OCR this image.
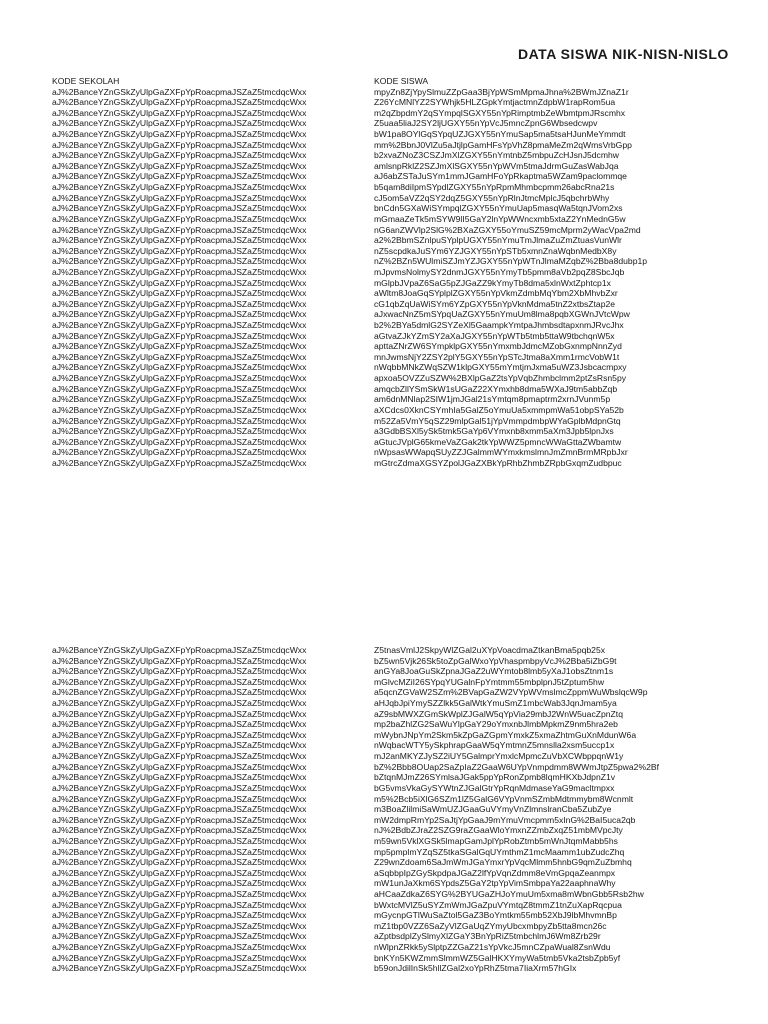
DATA SISWA NIK-NISN-NISLO
KODE SEKOLAH
aJ%2BanceYZnGSkZyUlpGaZXFpYpRoacpmaJSZaZ5tmcdqcWxx
aJ%2BanceYZnGSkZyUlpGaZXFpYpRoacpmaJSZaZ5tmcdqcWxx
aJ%2BanceYZnGSkZyUlpGaZXFpYpRoacpmaJSZaZ5tmcdqcWxx
aJ%2BanceYZnGSkZyUlpGaZXFpYpRoacpmaJSZaZ5tmcdqcWxx
aJ%2BanceYZnGSkZyUlpGaZXFpYpRoacpmaJSZaZ5tmcdqcWxx
aJ%2BanceYZnGSkZyUlpGaZXFpYpRoacpmaJSZaZ5tmcdqcWxx
aJ%2BanceYZnGSkZyUlpGaZXFpYpRoacpmaJSZaZ5tmcdqcWxx
aJ%2BanceYZnGSkZyUlpGaZXFpYpRoacpmaJSZaZ5tmcdqcWxx
aJ%2BanceYZnGSkZyUlpGaZXFpYpRoacpmaJSZaZ5tmcdqcWxx
aJ%2BanceYZnGSkZyUlpGaZXFpYpRoacpmaJSZaZ5tmcdqcWxx
aJ%2BanceYZnGSkZyUlpGaZXFpYpRoacpmaJSZaZ5tmcdqcWxx
aJ%2BanceYZnGSkZyUlpGaZXFpYpRoacpmaJSZaZ5tmcdqcWxx
aJ%2BanceYZnGSkZyUlpGaZXFpYpRoacpmaJSZaZ5tmcdqcWxx
aJ%2BanceYZnGSkZyUlpGaZXFpYpRoacpmaJSZaZ5tmcdqcWxx
aJ%2BanceYZnGSkZyUlpGaZXFpYpRoacpmaJSZaZ5tmcdqcWxx
aJ%2BanceYZnGSkZyUlpGaZXFpYpRoacpmaJSZaZ5tmcdqcWxx
aJ%2BanceYZnGSkZyUlpGaZXFpYpRoacpmaJSZaZ5tmcdqcWxx
aJ%2BanceYZnGSkZyUlpGaZXFpYpRoacpmaJSZaZ5tmcdqcWxx
aJ%2BanceYZnGSkZyUlpGaZXFpYpRoacpmaJSZaZ5tmcdqcWxx
aJ%2BanceYZnGSkZyUlpGaZXFpYpRoacpmaJSZaZ5tmcdqcWxx
aJ%2BanceYZnGSkZyUlpGaZXFpYpRoacpmaJSZaZ5tmcdqcWxx
aJ%2BanceYZnGSkZyUlpGaZXFpYpRoacpmaJSZaZ5tmcdqcWxx
aJ%2BanceYZnGSkZyUlpGaZXFpYpRoacpmaJSZaZ5tmcdqcWxx
aJ%2BanceYZnGSkZyUlpGaZXFpYpRoacpmaJSZaZ5tmcdqcWxx
aJ%2BanceYZnGSkZyUlpGaZXFpYpRoacpmaJSZaZ5tmcdqcWxx
aJ%2BanceYZnGSkZyUlpGaZXFpYpRoacpmaJSZaZ5tmcdqcWxx
aJ%2BanceYZnGSkZyUlpGaZXFpYpRoacpmaJSZaZ5tmcdqcWxx
aJ%2BanceYZnGSkZyUlpGaZXFpYpRoacpmaJSZaZ5tmcdqcWxx
aJ%2BanceYZnGSkZyUlpGaZXFpYpRoacpmaJSZaZ5tmcdqcWxx
aJ%2BanceYZnGSkZyUlpGaZXFpYpRoacpmaJSZaZ5tmcdqcWxx
aJ%2BanceYZnGSkZyUlpGaZXFpYpRoacpmaJSZaZ5tmcdqcWxx
aJ%2BanceYZnGSkZyUlpGaZXFpYpRoacpmaJSZaZ5tmcdqcWxx
aJ%2BanceYZnGSkZyUlpGaZXFpYpRoacpmaJSZaZ5tmcdqcWxx
aJ%2BanceYZnGSkZyUlpGaZXFpYpRoacpmaJSZaZ5tmcdqcWxx
aJ%2BanceYZnGSkZyUlpGaZXFpYpRoacpmaJSZaZ5tmcdqcWxx
aJ%2BanceYZnGSkZyUlpGaZXFpYpRoacpmaJSZaZ5tmcdqcWxx
KODE SISWA
mpyZn8ZjYpySlmuZZpGaa3BjYpWSmMpmaJhna%2BWmJZnaZ1r
Z26YcMNlYZ2SYWhjk5HLZGpkYmtjactmnZdpbW1rapRom5ua
m2qZbpdmY2qSYmpqlSGXY55nYpRimptmbZeWbmtpmJRscmhx
Z5uaa5liaJ2SY2ljUGXY55nYpVcJ5mncZpnG6Wbsedcwpv
bW1pa8OYlGqSYpqUZJGXY55nYmuSap5ma5tsaHJunMeYmmdt
mm%2BbnJ0VlZu5aJtjlpGamHFsYpVhZ8pmaMeZm2qWmsVrbGpp
b2xvaZNoZ3CSZJmXlZGXY55nYmtnbZ5mbpuZcHJsnJ5dcmhw
amlsnpRklZ2SZJmXlSGXY55nYpWVm5tmaJdrmGuZasWabJqa
aJ6abZSTaJuSYm1mmJGamHFoYpRkaptma5WZam9paclommqe
b5qam8diIpmSYpdlZGXY55nYpRpmMhmbcpmm26abcRna21s
cJ5om5aVZ2qSY2dqZ5GXY55nYpRlnJtmcMplcJ5qbchrbWhy
bnCdn5GXaWiSYmpqlZGXY55nYmuUap5masqWa5tqnJVom2xs
mGmaaZeTk5mSYW9lI5GaY2lnYpWWncxmb5xtaZ2YnMednG5w
nG6anZWVlp2SlG%2BXaZGXY55oYmuSZ59mcMprm2yWacVpa2md
a2%2BbmSZnlpuSYplpUGXY55nYmuTmJlmaZuZmZtuasVunWlr
nZ5scpdkaJuSYm6YZJGXY55nYpSTb5xmnZnaWqbnMedbX8y
nZ%2BZn5WUlmiSZJmYZJGXY55nYpWTnJlmaMZqbZ%2Bba8dubp1p
mJpvmsNolmySY2dnmJGXY55nYmyTb5pmm8aVb2pqZ8SbcJqb
mGlpbJVpaZ6SaG5pZJGaZZ9kYmyTb8dma5xlnWxtZphtcp1x
aWltm8JoaGqSYplplZGXY55nYpVkmZdmbMqYbm2XbMhvbZxr
cG1qbZqUaWiSYm6YZpGXY55nYpVknMdma5tnZ2xtbsZtap2e
aJxwacNnZ5mSYpqUaZGXY55nYmuUm8lma8pqbXGWnJVtcWpw
b2%2BYa5dmlG2SYZeXl5GaampkYmtpaJhmbsdtapxnmJRvcJhx
aGtvaZJkYZmSY2aXaJGXY55nYpWTb5tmb5ttaW9tbchqnW5x
apttaZNrZW6SYmpklpGXY55nYmxmbJdmcMZobGxnmpNnnZyd
mnJwmsNjY2ZSY2plY5GXY55nYpSTcJtma8aXmm1rmcVobW1t
nWqbbMNkZWqSZW1klpGXY55mYmtjmJxma5uWZ3Jsbcacmpxy
apxoa5OVZZuSZW%2BXlpGaZ2tsYpVqbZhmbclmm2ptZsRsn5py
amqcbZllYSmSkW1sUGaZ22XYmxhb8dma5WXaJ9tm5abbZqb
am6dnMNlap2SIW1jmJGal21sYmtqm8pmaptrm2xrnJVunm5p
aXCdcs0XknCSYmhIa5GalZ5oYmuUa5xmmpmWa51obpSYa52b
m52Za5VmY5qSZ29mlpGal51jYpVmmpdmbpWYaGplbMdpnGtq
a3GdbBSXl5ySk5tmk5GaYp6VYmxnb8xmm5aXm3Jpb5lpnJxs
aGtucJVplG65kmeVaZGak2tkYpWWZ5pmncWWaGttaZWbamtw
nWpsasWWapqSUyZZJGalmmWYmxkmslmnJmZmnBrmMRpbJxr
mGtrcZdmaXGSYZpolJGaZXBkYpRhbZhmbZRpbGxqmZudbpuc
aJ%2BanceYZnGSkZyUlpGaZXFpYpRoacpmaJSZaZ5tmcdqcWxx
aJ%2BanceYZnGSkZyUlpGaZXFpYpRoacpmaJSZaZ5tmcdqcWxx
aJ%2BanceYZnGSkZyUlpGaZXFpYpRoacpmaJSZaZ5tmcdqcWxx
aJ%2BanceYZnGSkZyUlpGaZXFpYpRoacpmaJSZaZ5tmcdqcWxx
aJ%2BanceYZnGSkZyUlpGaZXFpYpRoacpmaJSZaZ5tmcdqcWxx
aJ%2BanceYZnGSkZyUlpGaZXFpYpRoacpmaJSZaZ5tmcdqcWxx
aJ%2BanceYZnGSkZyUlpGaZXFpYpRoacpmaJSZaZ5tmcdqcWxx
aJ%2BanceYZnGSkZyUlpGaZXFpYpRoacpmaJSZaZ5tmcdqcWxx
aJ%2BanceYZnGSkZyUlpGaZXFpYpRoacpmaJSZaZ5tmcdqcWxx
aJ%2BanceYZnGSkZyUlpGaZXFpYpRoacpmaJSZaZ5tmcdqcWxx
aJ%2BanceYZnGSkZyUlpGaZXFpYpRoacpmaJSZaZ5tmcdqcWxx
aJ%2BanceYZnGSkZyUlpGaZXFpYpRoacpmaJSZaZ5tmcdqcWxx
aJ%2BanceYZnGSkZyUlpGaZXFpYpRoacpmaJSZaZ5tmcdqcWxx
aJ%2BanceYZnGSkZyUlpGaZXFpYpRoacpmaJSZaZ5tmcdqcWxx
aJ%2BanceYZnGSkZyUlpGaZXFpYpRoacpmaJSZaZ5tmcdqcWxx
aJ%2BanceYZnGSkZyUlpGaZXFpYpRoacpmaJSZaZ5tmcdqcWxx
aJ%2BanceYZnGSkZyUlpGaZXFpYpRoacpmaJSZaZ5tmcdqcWxx
aJ%2BanceYZnGSkZyUlpGaZXFpYpRoacpmaJSZaZ5tmcdqcWxx
aJ%2BanceYZnGSkZyUlpGaZXFpYpRoacpmaJSZaZ5tmcdqcWxx
aJ%2BanceYZnGSkZyUlpGaZXFpYpRoacpmaJSZaZ5tmcdqcWxx
aJ%2BanceYZnGSkZyUlpGaZXFpYpRoacpmaJSZaZ5tmcdqcWxx
aJ%2BanceYZnGSkZyUlpGaZXFpYpRoacpmaJSZaZ5tmcdqcWxx
aJ%2BanceYZnGSkZyUlpGaZXFpYpRoacpmaJSZaZ5tmcdqcWxx
aJ%2BanceYZnGSkZyUlpGaZXFpYpRoacpmaJSZaZ5tmcdqcWxx
aJ%2BanceYZnGSkZyUlpGaZXFpYpRoacpmaJSZaZ5tmcdqcWxx
aJ%2BanceYZnGSkZyUlpGaZXFpYpRoacpmaJSZaZ5tmcdqcWxx
aJ%2BanceYZnGSkZyUlpGaZXFpYpRoacpmaJSZaZ5tmcdqcWxx
aJ%2BanceYZnGSkZyUlpGaZXFpYpRoacpmaJSZaZ5tmcdqcWxx
aJ%2BanceYZnGSkZyUlpGaZXFpYpRoacpmaJSZaZ5tmcdqcWxx
aJ%2BanceYZnGSkZyUlpGaZXFpYpRoacpmaJSZaZ5tmcdqcWxx
aJ%2BanceYZnGSkZyUlpGaZXFpYpRoacpmaJSZaZ5tmcdqcWxx
Z5tnasVmlJ2SkpyWlZGal2uXYpVoacdmaZtkanBma5pqb25x
bZ5wn5Vjk26Sk5toZpGalWxoYpVhaspmbpyVcJ%2Bba5iZbG9t
anGYa8JoaGuSkZpnaJGaZ2uWYmtob8lmb5yXaJ1obsZtnm1s
mGlvcMZiI26SYpqYUGalnFpYmtmm55mbplpnJ5tZptum5hw
a5qcnZGVaW2SZm%2BVapGaZW2VYpWVmslmcZppmWuWbslqcW9p
aHJqbJpiYmySZZlkk5GalWtkYmuSmZ1mbcWab3JqnJmam5ya
aZ9sbMWXZGmSkWplZJGalW5qYpVia29mbJ2WnW5uacZpnZtq
mp2baZhlZG2SaWuYlpGaY29oYmxnbJlmbMpkmZ9nm5hra2eb
mWybnJNpYm2Skm5kZpGaZGpmYmxkZ5xmaZhtmGuXnMdunW6a
nWqbacWTY5ySkphrapGaaW5qYmtmnZ5mnslla2xsm5uccp1x
mJ2anMKYZJySZ2iUY5GalmprYmxlcMpmcZuVbXCWbppqnW1y
bZ%2Bbb8OUap2SaZpIaZ2GaaW6UYpVnmpdmm8WWmJtpZ5pwa2%2Bf
bZtqnMJmZ26SYmlsaJGak5ppYpRonZpmb8lqmHKXbJdpnZ1v
bG5vmsVkaGySYWtnZJGalGtrYpRqnMdmaseYaG9macltmpxx
m5%2Bcb5iXlG6SZm1lZ5GalG6VYpVnmSZmbMdtmmybm8Wcnmlt
m3BoaZlilmiSaWmUZJGaaGuVYmyVnZlmnslranCba5ZubZye
mW2dmpRmYp2SaJtjYpGaaJ9mYmuVmcpmm5xInG%2BaI5uca2qb
nJ%2BdbZJraZ2SZG9raZGaaWloYmxnZZmbZxqZ51mbMVpcJty
m59wn5VklXGSk5lmapGamJplYpRobZtmb5mWnJtqmMabb5hs
mp5pmplmYZqSZ5tkaSGalGqUYmthmZ1mcMaamm1ubZudcZhq
Z29wnZdoam6SaJmWmJGaYmxrYpVqcMlmm5hnbG9qmZuZbmhq
aSqbbpIpZGySkpdpaJGaZ2lfYpVqnZdmm8eVmGpqaZeanmpx
mW1unJaXkm6SYpdsZ5GaY2tpYpVimSmbpaYa22aaphnaWhy
aHCaaZdkaZ6SYG%2BYUGaZHJoYmuUm5xma8mWbnGbb5Rsb2hw
bWxtcMVlZ5uSYZmWmJGaZpuVYmtqZ8tmmZ1tnZuXapRqcpua
mGycnpGTlWuSaZtol5GaZ3BoYmtkm55mb52XbJ9lbMhvmnBp
mZ1tbp0VZZ6SaZyVlZGaUqZYmyUbcxmbpyZb5tta8mcn26c
aZptbsdplZySlmyXlZGaY3BnYpRiZ5tmbchlmJ6Wm8Zrb29r
nWlpnZRkk5ySlptpZZGaZ21sYpVkcJ5mnCZpaWual8ZsnWdu
bnKYn5KWZmmSlmmWZ5GalHKXYmyWa5tmb5Vka2tsbZpb5yf
b59onJdilInSk5hllZGal2xoYpRhZ5tma7IiaXrm57hGIx
